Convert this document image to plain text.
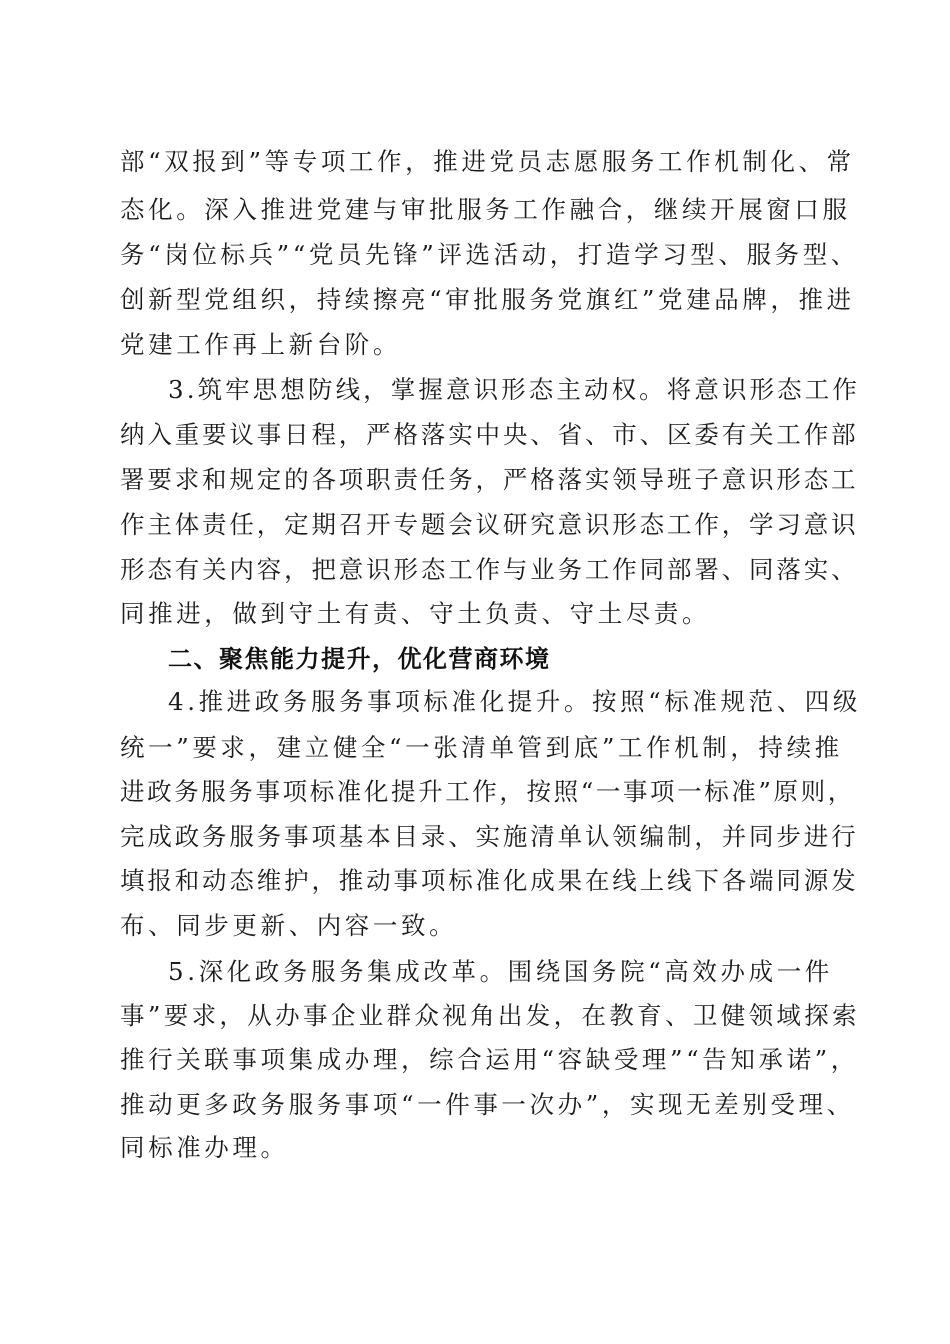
部“双报到”等专项工作，推进党员志愿服务工作机制化、常
态化。深入推进党建与审批服务工作融合，继续开展窗口服
务“岗位标兵”“党员先锋”评选活动，打造学习型、服务型、
创新型党组织，持续擦亮“审批服务党旗红”党建品牌，推进
党建工作再上新台阶。
3.筑牢思想防线，掌握意识形态主动权。将意识形态工作
纳入重要议事日程，严格落实中央、省、市、区委有关工作部
署要求和规定的各项职责任务，严格落实领导班子意识形态工
作主体责任，定期召开专题会议研究意识形态工作，学习意识
形态有关内容，把意识形态工作与业务工作同部署、同落实、
同推进，做到守土有责、守土负责、守土尽责。
二、聚焦能力提升，优化营商环境
4.推进政务服务事项标准化提升。按照“标准规范、四级
统一”要求，建立健全“一张清单管到底”工作机制，持续推
进政务服务事项标准化提升工作，按照“一事项一标准”原则，
完成政务服务事项基本目录、实施清单认领编制，并同步进行
填报和动态维护，推动事项标准化成果在线上线下各端同源发
布、同步更新、内容一致。
5.深化政务服务集成改革。围绕国务院“高效办成一件
事”要求，从办事企业群众视角出发，在教育、卫健领域探索
推行关联事项集成办理，综合运用“容缺受理”“告知承诺”，
推动更多政务服务事项“一件事一次办”，实现无差别受理、
同标准办理。
